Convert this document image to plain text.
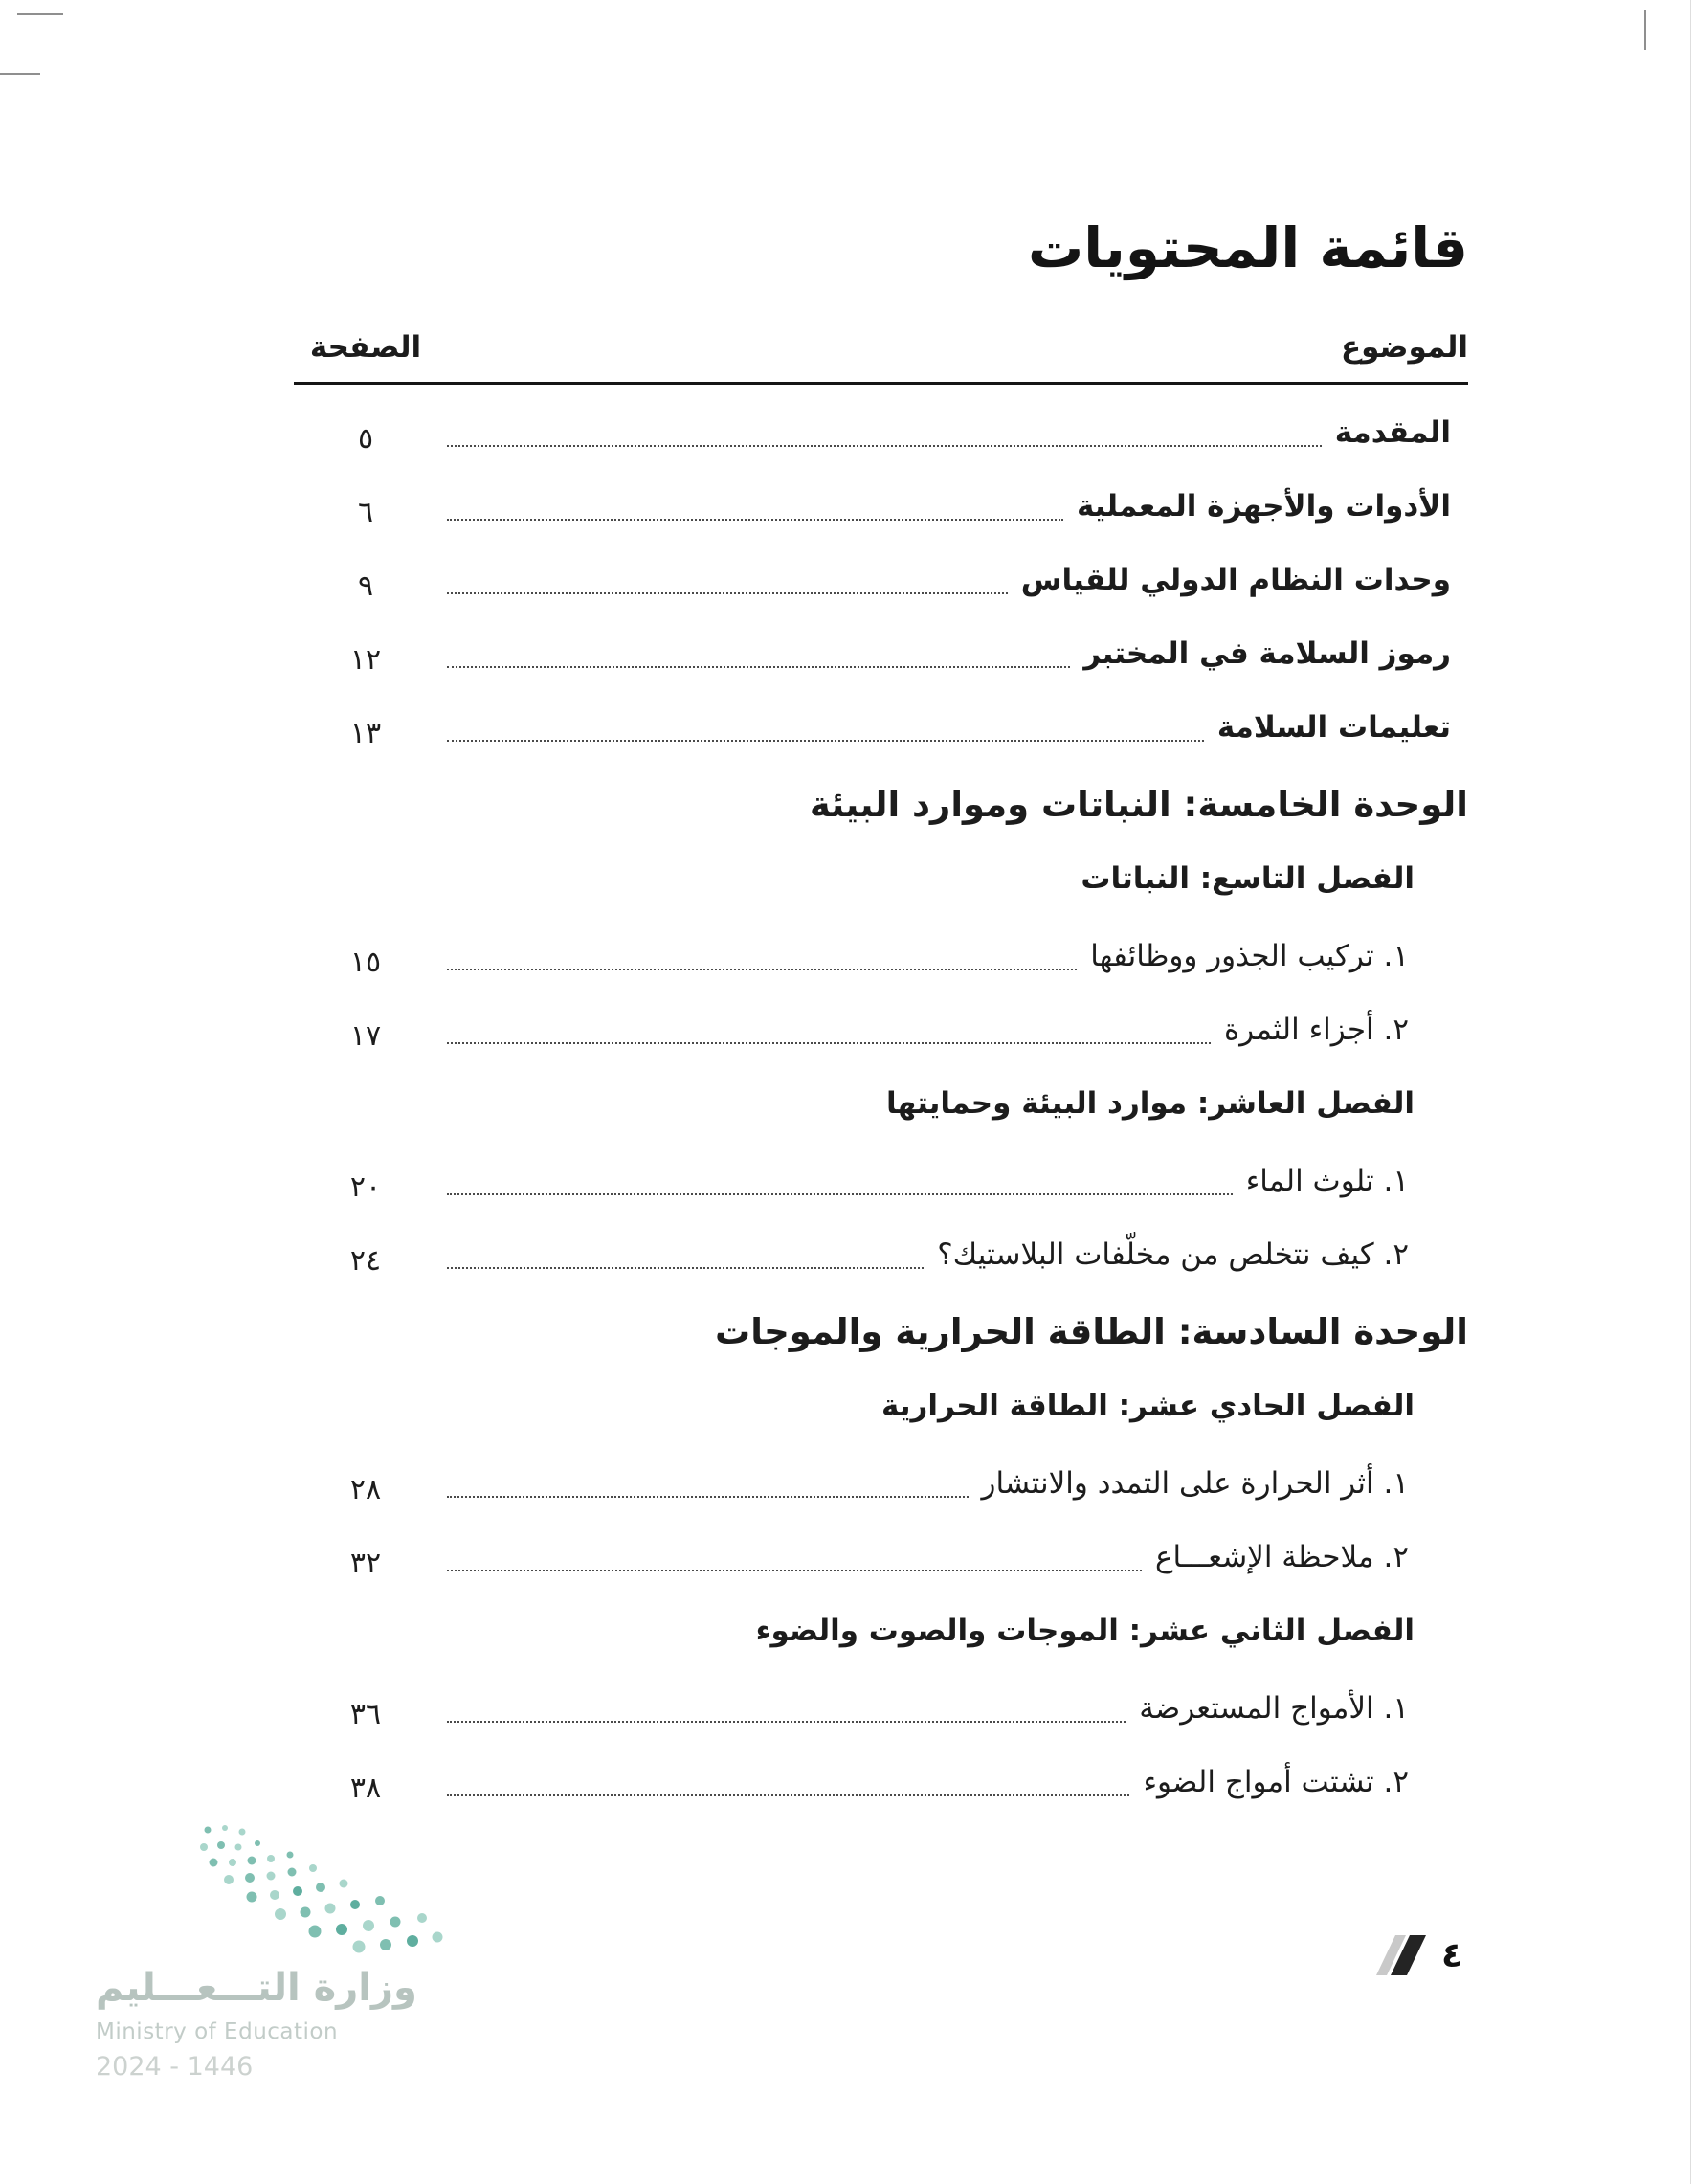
قائمة المحتويات
الموضوع
الصفحة
المقدمة
٥
الأدوات والأجهزة المعملية
٦
وحدات النظام الدولي للقياس
٩
رموز السلامة في المختبر
١٢
تعليمات السلامة
١٣
الوحدة الخامسة: النباتات وموارد البيئة
الفصل التاسع: النباتات
١. تركيب الجذور ووظائفها
١٥
٢. أجزاء الثمرة
١٧
الفصل العاشر: موارد البيئة وحمايتها
١. تلوث الماء
٢٠
٢. كيف نتخلص من مخلّفات البلاستيك؟
٢٤
الوحدة السادسة: الطاقة الحرارية والموجات
الفصل الحادي عشر: الطاقة الحرارية
١. أثر الحرارة على التمدد والانتشار
٢٨
٢. ملاحظة الإشعـــاع
٣٢
الفصل الثاني عشر: الموجات والصوت والضوء
١. الأمواج المستعرضة
٣٦
٢. تشتت أمواج الضوء
٣٨
وزارة التـــعـــليم
Ministry of Education
2024 - 1446
٤
